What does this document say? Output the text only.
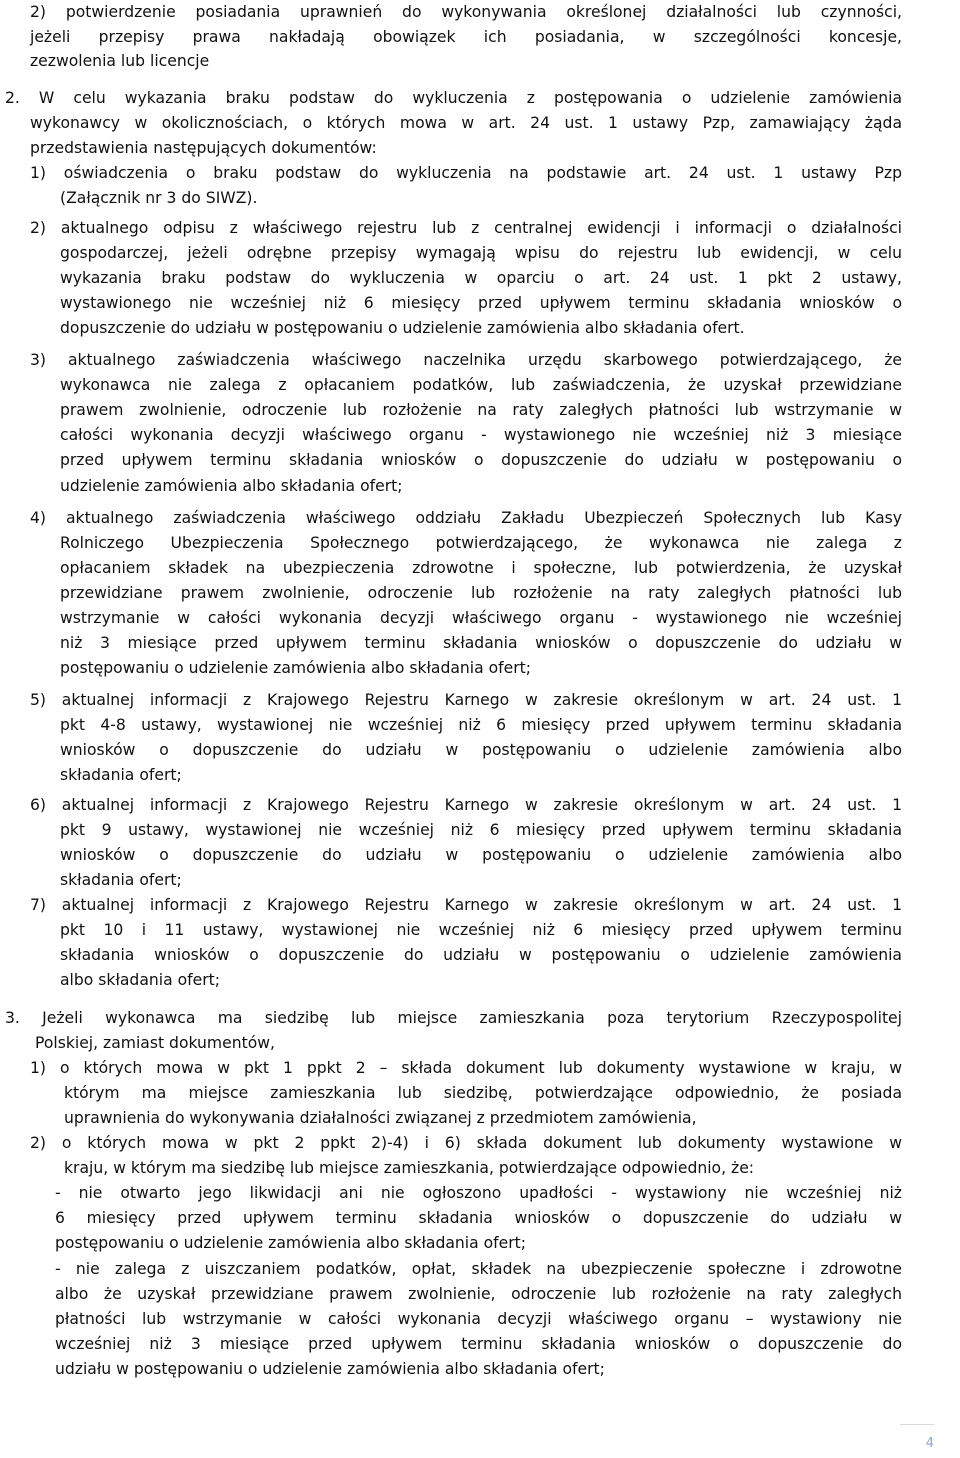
2) potwierdzenie posiadania uprawnień do wykonywania określonej działalności lub czynności,
jeżeli przepisy prawa nakładają obowiązek ich posiadania, w szczególności koncesje,
zezwolenia lub licencje
2. W celu wykazania braku podstaw do wykluczenia z postępowania o udzielenie zamówienia
wykonawcy w okolicznościach, o których mowa w art. 24 ust. 1 ustawy Pzp, zamawiający żąda
przedstawienia następujących dokumentów:
1) oświadczenia o braku podstaw do wykluczenia na podstawie art. 24 ust. 1 ustawy Pzp
(Załącznik nr 3 do SIWZ).
2) aktualnego odpisu z właściwego rejestru lub z centralnej ewidencji i informacji o działalności
gospodarczej, jeżeli odrębne przepisy wymagają wpisu do rejestru lub ewidencji, w celu
wykazania braku podstaw do wykluczenia w oparciu o art. 24 ust. 1 pkt 2 ustawy,
wystawionego nie wcześniej niż 6 miesięcy przed upływem terminu składania wniosków o
dopuszczenie do udziału w postępowaniu o udzielenie zamówienia albo składania ofert.
3) aktualnego zaświadczenia właściwego naczelnika urzędu skarbowego potwierdzającego, że
wykonawca nie zalega z opłacaniem podatków, lub zaświadczenia, że uzyskał przewidziane
prawem zwolnienie, odroczenie lub rozłożenie na raty zaległych płatności lub wstrzymanie w
całości wykonania decyzji właściwego organu - wystawionego nie wcześniej niż 3 miesiące
przed upływem terminu składania wniosków o dopuszczenie do udziału w postępowaniu o
udzielenie zamówienia albo składania ofert;
4) aktualnego zaświadczenia właściwego oddziału Zakładu Ubezpieczeń Społecznych lub Kasy
Rolniczego Ubezpieczenia Społecznego potwierdzającego, że wykonawca nie zalega z
opłacaniem składek na ubezpieczenia zdrowotne i społeczne, lub potwierdzenia, że uzyskał
przewidziane prawem zwolnienie, odroczenie lub rozłożenie na raty zaległych płatności lub
wstrzymanie w całości wykonania decyzji właściwego organu - wystawionego nie wcześniej
niż 3 miesiące przed upływem terminu składania wniosków o dopuszczenie do udziału w
postępowaniu o udzielenie zamówienia albo składania ofert;
5) aktualnej informacji z Krajowego Rejestru Karnego w zakresie określonym w art. 24 ust. 1
pkt 4-8 ustawy, wystawionej nie wcześniej niż 6 miesięcy przed upływem terminu składania
wniosków o dopuszczenie do udziału w postępowaniu o udzielenie zamówienia albo
składania ofert;
6) aktualnej informacji z Krajowego Rejestru Karnego w zakresie określonym w art. 24 ust. 1
pkt 9 ustawy, wystawionej nie wcześniej niż 6 miesięcy przed upływem terminu składania
wniosków o dopuszczenie do udziału w postępowaniu o udzielenie zamówienia albo
składania ofert;
7) aktualnej informacji z Krajowego Rejestru Karnego w zakresie określonym w art. 24 ust. 1
pkt 10 i 11 ustawy, wystawionej nie wcześniej niż 6 miesięcy przed upływem terminu
składania wniosków o dopuszczenie do udziału w postępowaniu o udzielenie zamówienia
albo składania ofert;
3. Jeżeli wykonawca ma siedzibę lub miejsce zamieszkania poza terytorium Rzeczypospolitej
Polskiej, zamiast dokumentów,
1) o których mowa w pkt 1 ppkt 2 – składa dokument lub dokumenty wystawione w kraju, w
którym ma miejsce zamieszkania lub siedzibę, potwierdzające odpowiednio, że posiada
uprawnienia do wykonywania działalności związanej z przedmiotem zamówienia,
2) o których mowa w pkt 2 ppkt 2)-4) i 6) składa dokument lub dokumenty wystawione w
kraju, w którym ma siedzibę lub miejsce zamieszkania, potwierdzające odpowiednio, że:
- nie otwarto jego likwidacji ani nie ogłoszono upadłości - wystawiony nie wcześniej niż
6 miesięcy przed upływem terminu składania wniosków o dopuszczenie do udziału w
postępowaniu o udzielenie zamówienia albo składania ofert;
- nie zalega z uiszczaniem podatków, opłat, składek na ubezpieczenie społeczne i zdrowotne
albo że uzyskał przewidziane prawem zwolnienie, odroczenie lub rozłożenie na raty zaległych
płatności lub wstrzymanie w całości wykonania decyzji właściwego organu – wystawiony nie
wcześniej niż 3 miesiące przed upływem terminu składania wniosków o dopuszczenie do
udziału w postępowaniu o udzielenie zamówienia albo składania ofert;
4
